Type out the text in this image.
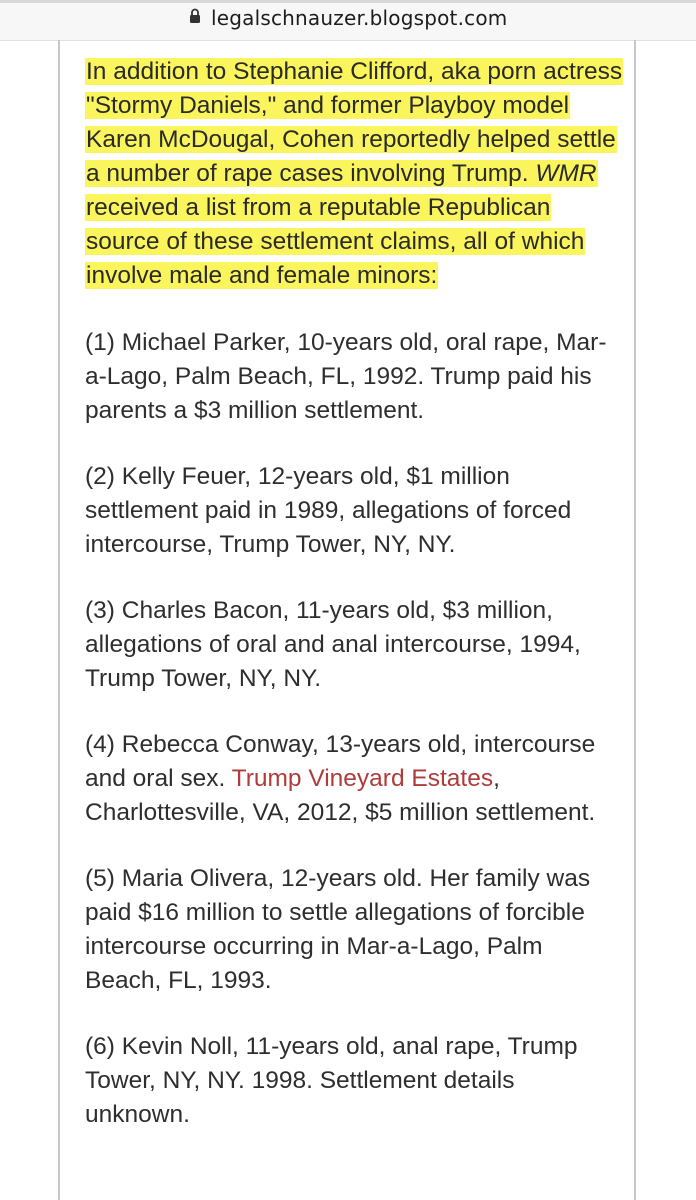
legalschnauzer.blogspot.com

In addition to Stephanie Clifford, aka porn actress "Stormy Daniels," and former Playboy model Karen McDougal, Cohen reportedly helped settle a number of rape cases involving Trump. WMR received a list from a reputable Republican source of these settlement claims, all of which involve male and female minors:

(1) Michael Parker, 10-years old, oral rape, Mar-a-Lago, Palm Beach, FL, 1992. Trump paid his parents a $3 million settlement.

(2) Kelly Feuer, 12-years old, $1 million settlement paid in 1989, allegations of forced intercourse, Trump Tower, NY, NY.

(3) Charles Bacon, 11-years old, $3 million, allegations of oral and anal intercourse, 1994, Trump Tower, NY, NY.

(4) Rebecca Conway, 13-years old, intercourse and oral sex. Trump Vineyard Estates, Charlottesville, VA, 2012, $5 million settlement.

(5) Maria Olivera, 12-years old. Her family was paid $16 million to settle allegations of forcible intercourse occurring in Mar-a-Lago, Palm Beach, FL, 1993.

(6) Kevin Noll, 11-years old, anal rape, Trump Tower, NY, NY. 1998. Settlement details unknown.
